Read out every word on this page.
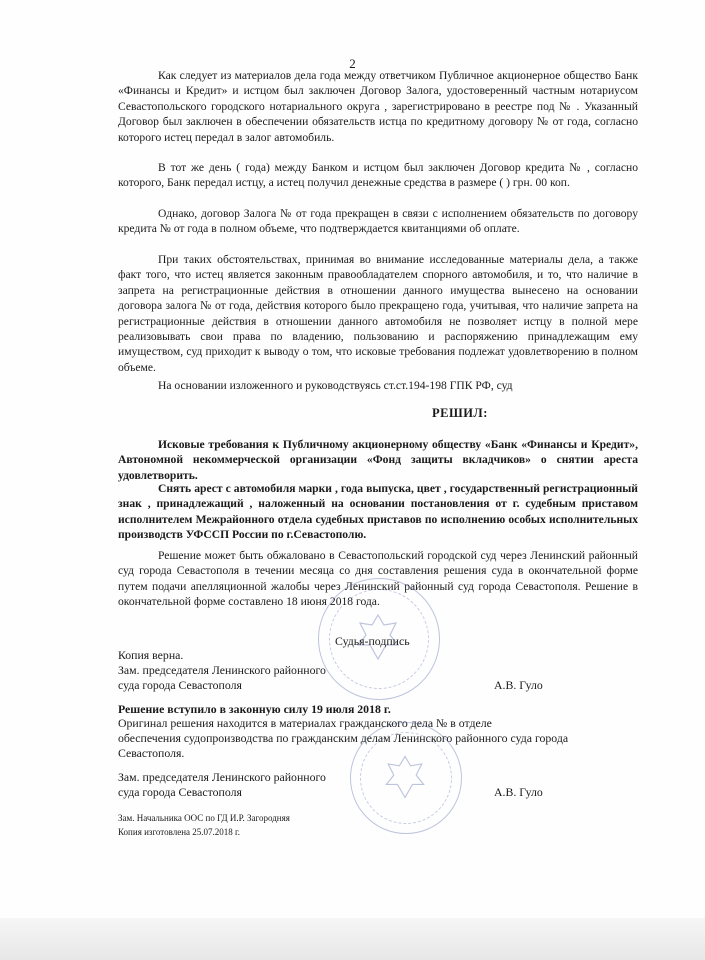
2

Как следует из материалов дела года между ответчиком Публичное акционерное общество Банк «Финансы и Кредит» и истцом был заключен Договор Залога, удостоверенный частным нотариусом Севастопольского городского нотариального округа , зарегистрировано в реестре под № . Указанный Договор был заключен в обеспечении обязательств истца по кредитному договору № от года, согласно которого истец передал в залог автомобиль.

В тот же день ( года) между Банком и истцом был заключен Договор кредита № , согласно которого, Банк передал истцу, а истец получил денежные средства в размере ( ) грн. 00 коп.

Однако, договор Залога № от года прекращен в связи с исполнением обязательств по договору кредита № от года в полном объеме, что подтверждается квитанциями об оплате.

При таких обстоятельствах, принимая во внимание исследованные материалы дела, а также факт того, что истец является законным правообладателем спорного автомобиля, и то, что наличие в запрета на регистрационные действия в отношении данного имущества вынесено на основании договора залога № от года, действия которого было прекращено года, учитывая, что наличие запрета на регистрационные действия в отношении данного автомобиля не позволяет истцу в полной мере реализовывать свои права по владению, пользованию и распоряжению принадлежащим ему имуществом, суд приходит к выводу о том, что исковые требования подлежат удовлетворению в полном объеме.

На основании изложенного и руководствуясь ст.ст.194-198 ГПК РФ, суд

РЕШИЛ:

Исковые требования к Публичному акционерному обществу «Банк «Финансы и Кредит», Автономной некоммерческой организации «Фонд защиты вкладчиков» о снятии ареста удовлетворить.

Снять арест с автомобиля марки , года выпуска, цвет , государственный регистрационный знак , принадлежащий , наложенный на основании постановления от г. судебным приставом исполнителем Межрайонного отдела судебных приставов по исполнению особых исполнительных производств УФССП России по г.Севастополю.

Решение может быть обжаловано в Севастопольский городской суд через Ленинский районный суд города Севастополя в течении месяца со дня составления решения суда в окончательной форме путем подачи апелляционной жалобы через Ленинский районный суд города Севастополя. Решение в окончательной форме составлено 18 июня 2018 года.

Судья-подпись
Копия верна.
Зам. председателя Ленинского районного
суда города Севастополя	А.В. Гуло
Решение вступило в законную силу 19 июля 2018 г.
Оригинал решения находится в материалах гражданского дела № в отделе
обеспечения судопроизводства по гражданским делам Ленинского районного суда города
Севастополя.
Зам. председателя Ленинского районного
суда города Севастополя	А.В. Гуло
Зам. Начальника ООС по ГД И.Р. Загородняя
Копия изготовлена 25.07.2018 г.
